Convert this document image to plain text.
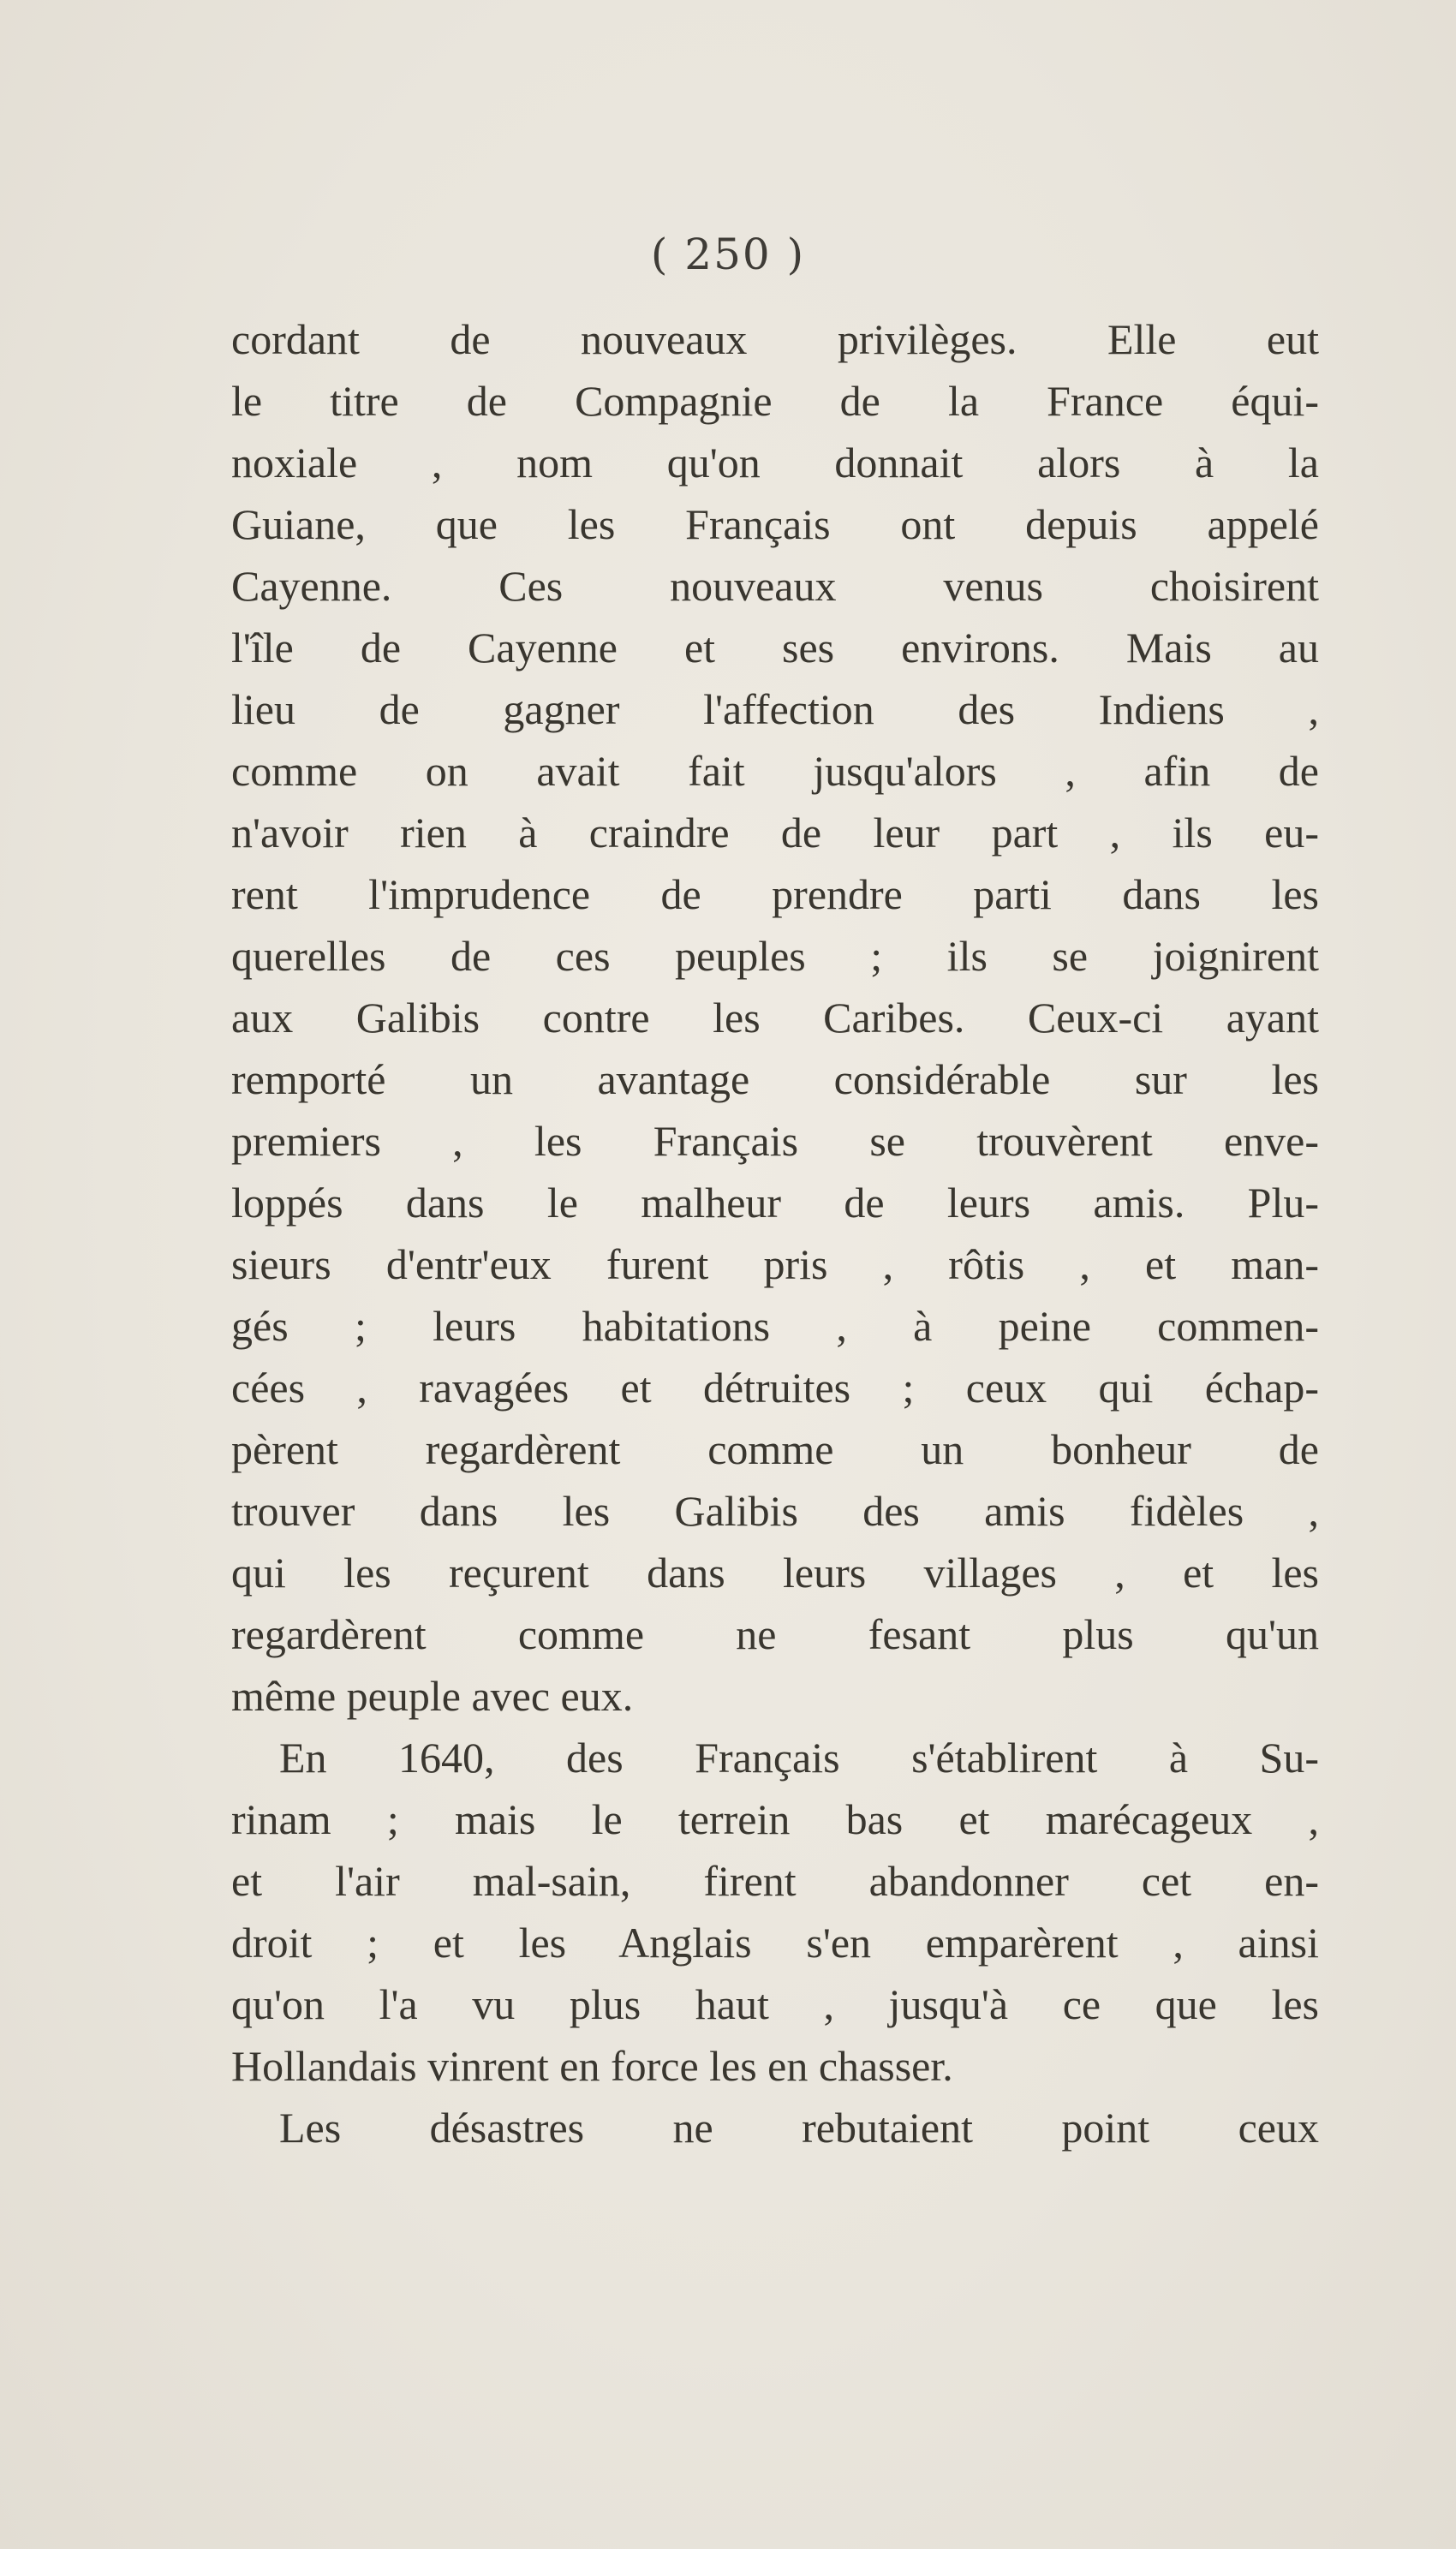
( 250 )
cordant de nouveaux privilèges. Elle eut
le titre de Compagnie de la France équi-
noxiale , nom qu'on donnait alors à la
Guiane, que les Français ont depuis appelé
Cayenne. Ces nouveaux venus choisirent
l'île de Cayenne et ses environs. Mais au
lieu de gagner l'affection des Indiens ,
comme on avait fait jusqu'alors , afin de
n'avoir rien à craindre de leur part , ils eu-
rent l'imprudence de prendre parti dans les
querelles de ces peuples ; ils se joignirent
aux Galibis contre les Caribes. Ceux-ci ayant
remporté un avantage considérable sur les
premiers , les Français se trouvèrent enve-
loppés dans le malheur de leurs amis. Plu-
sieurs d'entr'eux furent pris , rôtis , et man-
gés ; leurs habitations , à peine commen-
cées , ravagées et détruites ; ceux qui échap-
pèrent regardèrent comme un bonheur de
trouver dans les Galibis des amis fidèles ,
qui les reçurent dans leurs villages , et les
regardèrent comme ne fesant plus qu'un
même peuple avec eux.
En 1640, des Français s'établirent à Su-
rinam ; mais le terrein bas et marécageux ,
et l'air mal-sain, firent abandonner cet en-
droit ; et les Anglais s'en emparèrent , ainsi
qu'on l'a vu plus haut , jusqu'à ce que les
Hollandais vinrent en force les en chasser.
Les désastres ne rebutaient point ceux
